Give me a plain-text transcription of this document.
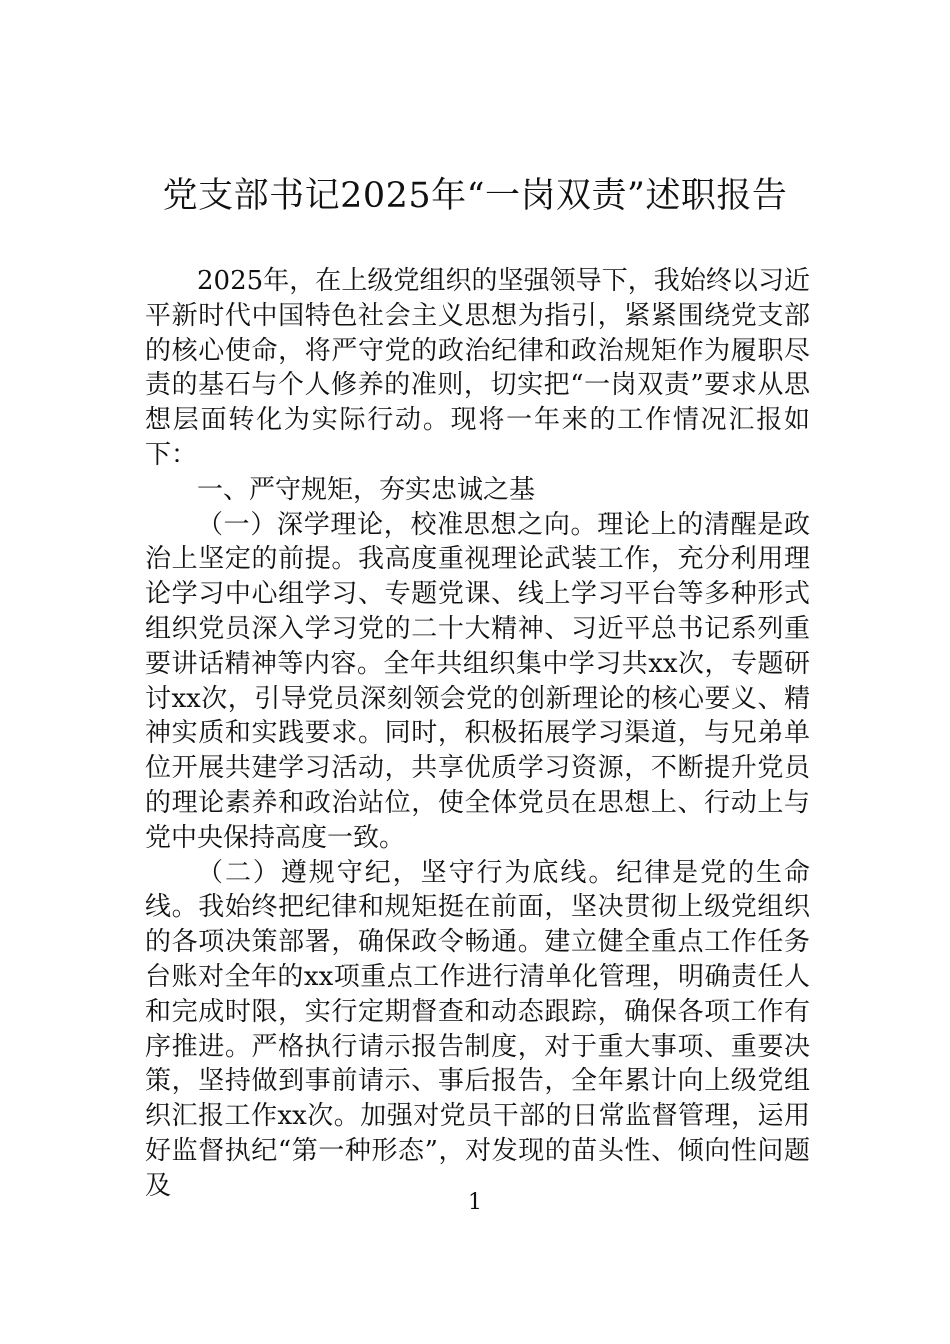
党支部书记2025年“一岗双责”述职报告

2025年，在上级党组织的坚强领导下，我始终以习近平新时代中国特色社会主义思想为指引，紧紧围绕党支部的核心使命，将严守党的政治纪律和政治规矩作为履职尽责的基石与个人修养的准则，切实把“一岗双责”要求从思想层面转化为实际行动。现将一年来的工作情况汇报如下：

一、严守规矩，夯实忠诚之基

（一）深学理论，校准思想之向。理论上的清醒是政治上坚定的前提。我高度重视理论武装工作，充分利用理论学习中心组学习、专题党课、线上学习平台等多种形式组织党员深入学习党的二十大精神、习近平总书记系列重要讲话精神等内容。全年共组织集中学习共xx次，专题研讨xx次，引导党员深刻领会党的创新理论的核心要义、精神实质和实践要求。同时，积极拓展学习渠道，与兄弟单位开展共建学习活动，共享优质学习资源，不断提升党员的理论素养和政治站位，使全体党员在思想上、行动上与党中央保持高度一致。

（二）遵规守纪，坚守行为底线。纪律是党的生命线。我始终把纪律和规矩挺在前面，坚决贯彻上级党组织的各项决策部署，确保政令畅通。建立健全重点工作任务台账对全年的xx项重点工作进行清单化管理，明确责任人和完成时限，实行定期督查和动态跟踪，确保各项工作有序推进。严格执行请示报告制度，对于重大事项、重要决策，坚持做到事前请示、事后报告，全年累计向上级党组织汇报工作xx次。加强对党员干部的日常监督管理，运用好监督执纪“第一种形态”，对发现的苗头性、倾向性问题及

1
